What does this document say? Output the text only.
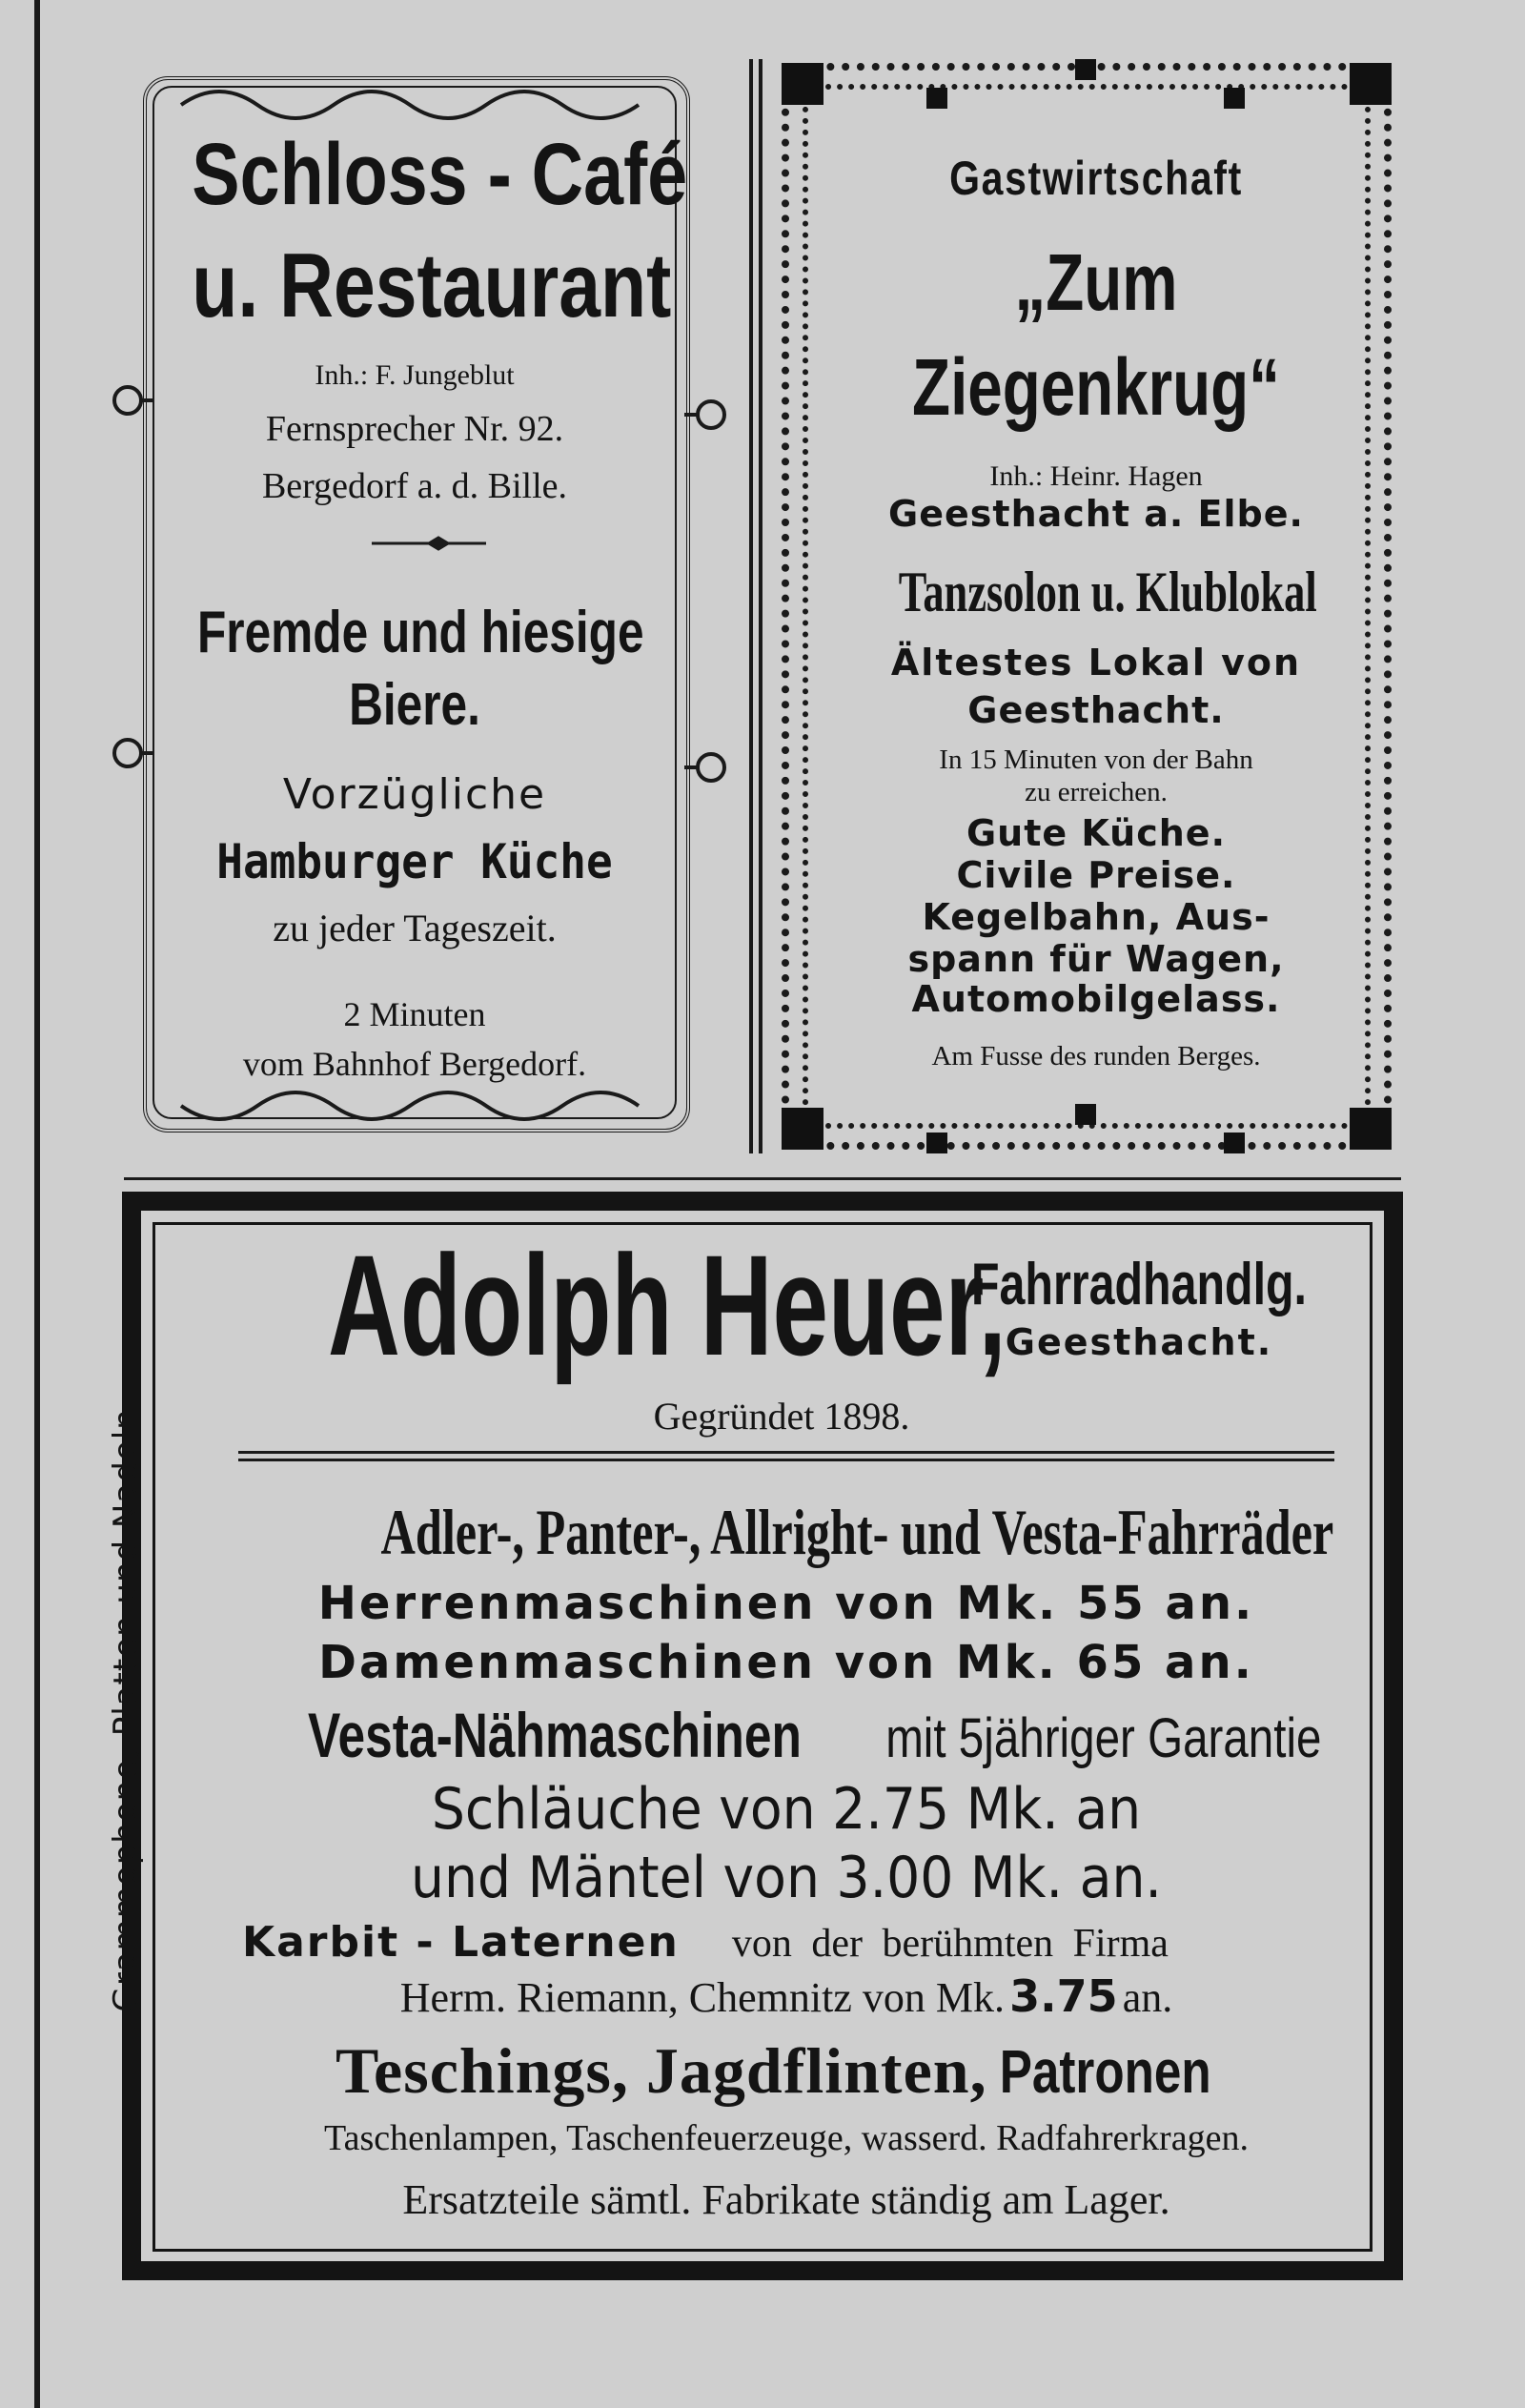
Schloss - Café
u. Restaurant
Inh.: F. Jungeblut
Fernsprecher Nr. 92.
Bergedorf a. d. Bille.
Fremde und hiesige
Biere.
Vorzügliche
Hamburger Küche
zu jeder Tageszeit.
2 Minuten
vom Bahnhof Bergedorf.
Gastwirtschaft
„Zum
Ziegenkrug“
Inh.: Heinr. Hagen
Geesthacht a. Elbe.
Tanzsolon u. Klublokal
Ältestes Lokal von
Geesthacht.
In 15 Minuten von der Bahn
zu erreichen.
Gute Küche.
Civile Preise.
Kegelbahn, Aus-
spann für Wagen,
Automobilgelass.
Am Fusse des runden Berges.
Adolph Heuer,
Fahrradhandlg.
Geesthacht.
Gegründet 1898.
Grammophone, Platten und Nadeln.	Adler-, Panter-, Allright- und Vesta-Fahrräder
Herrenmaschinen von Mk. 55 an.
Damenmaschinen von Mk. 65 an.
Vesta-Nähmaschinen mit 5jähriger Garantie
Schläuche von 2.75 Mk. an
und Mäntel von 3.00 Mk. an.
Karbit - Laternen von der berühmten Firma
Herm. Riemann, Chemnitz von Mk. 3.75 an.
Teschings, Jagdflinten, Patronen
Taschenlampen, Taschenfeuerzeuge, wasserd. Radfahrerkragen.
Ersatzteile sämtl. Fabrikate ständig am Lager.
